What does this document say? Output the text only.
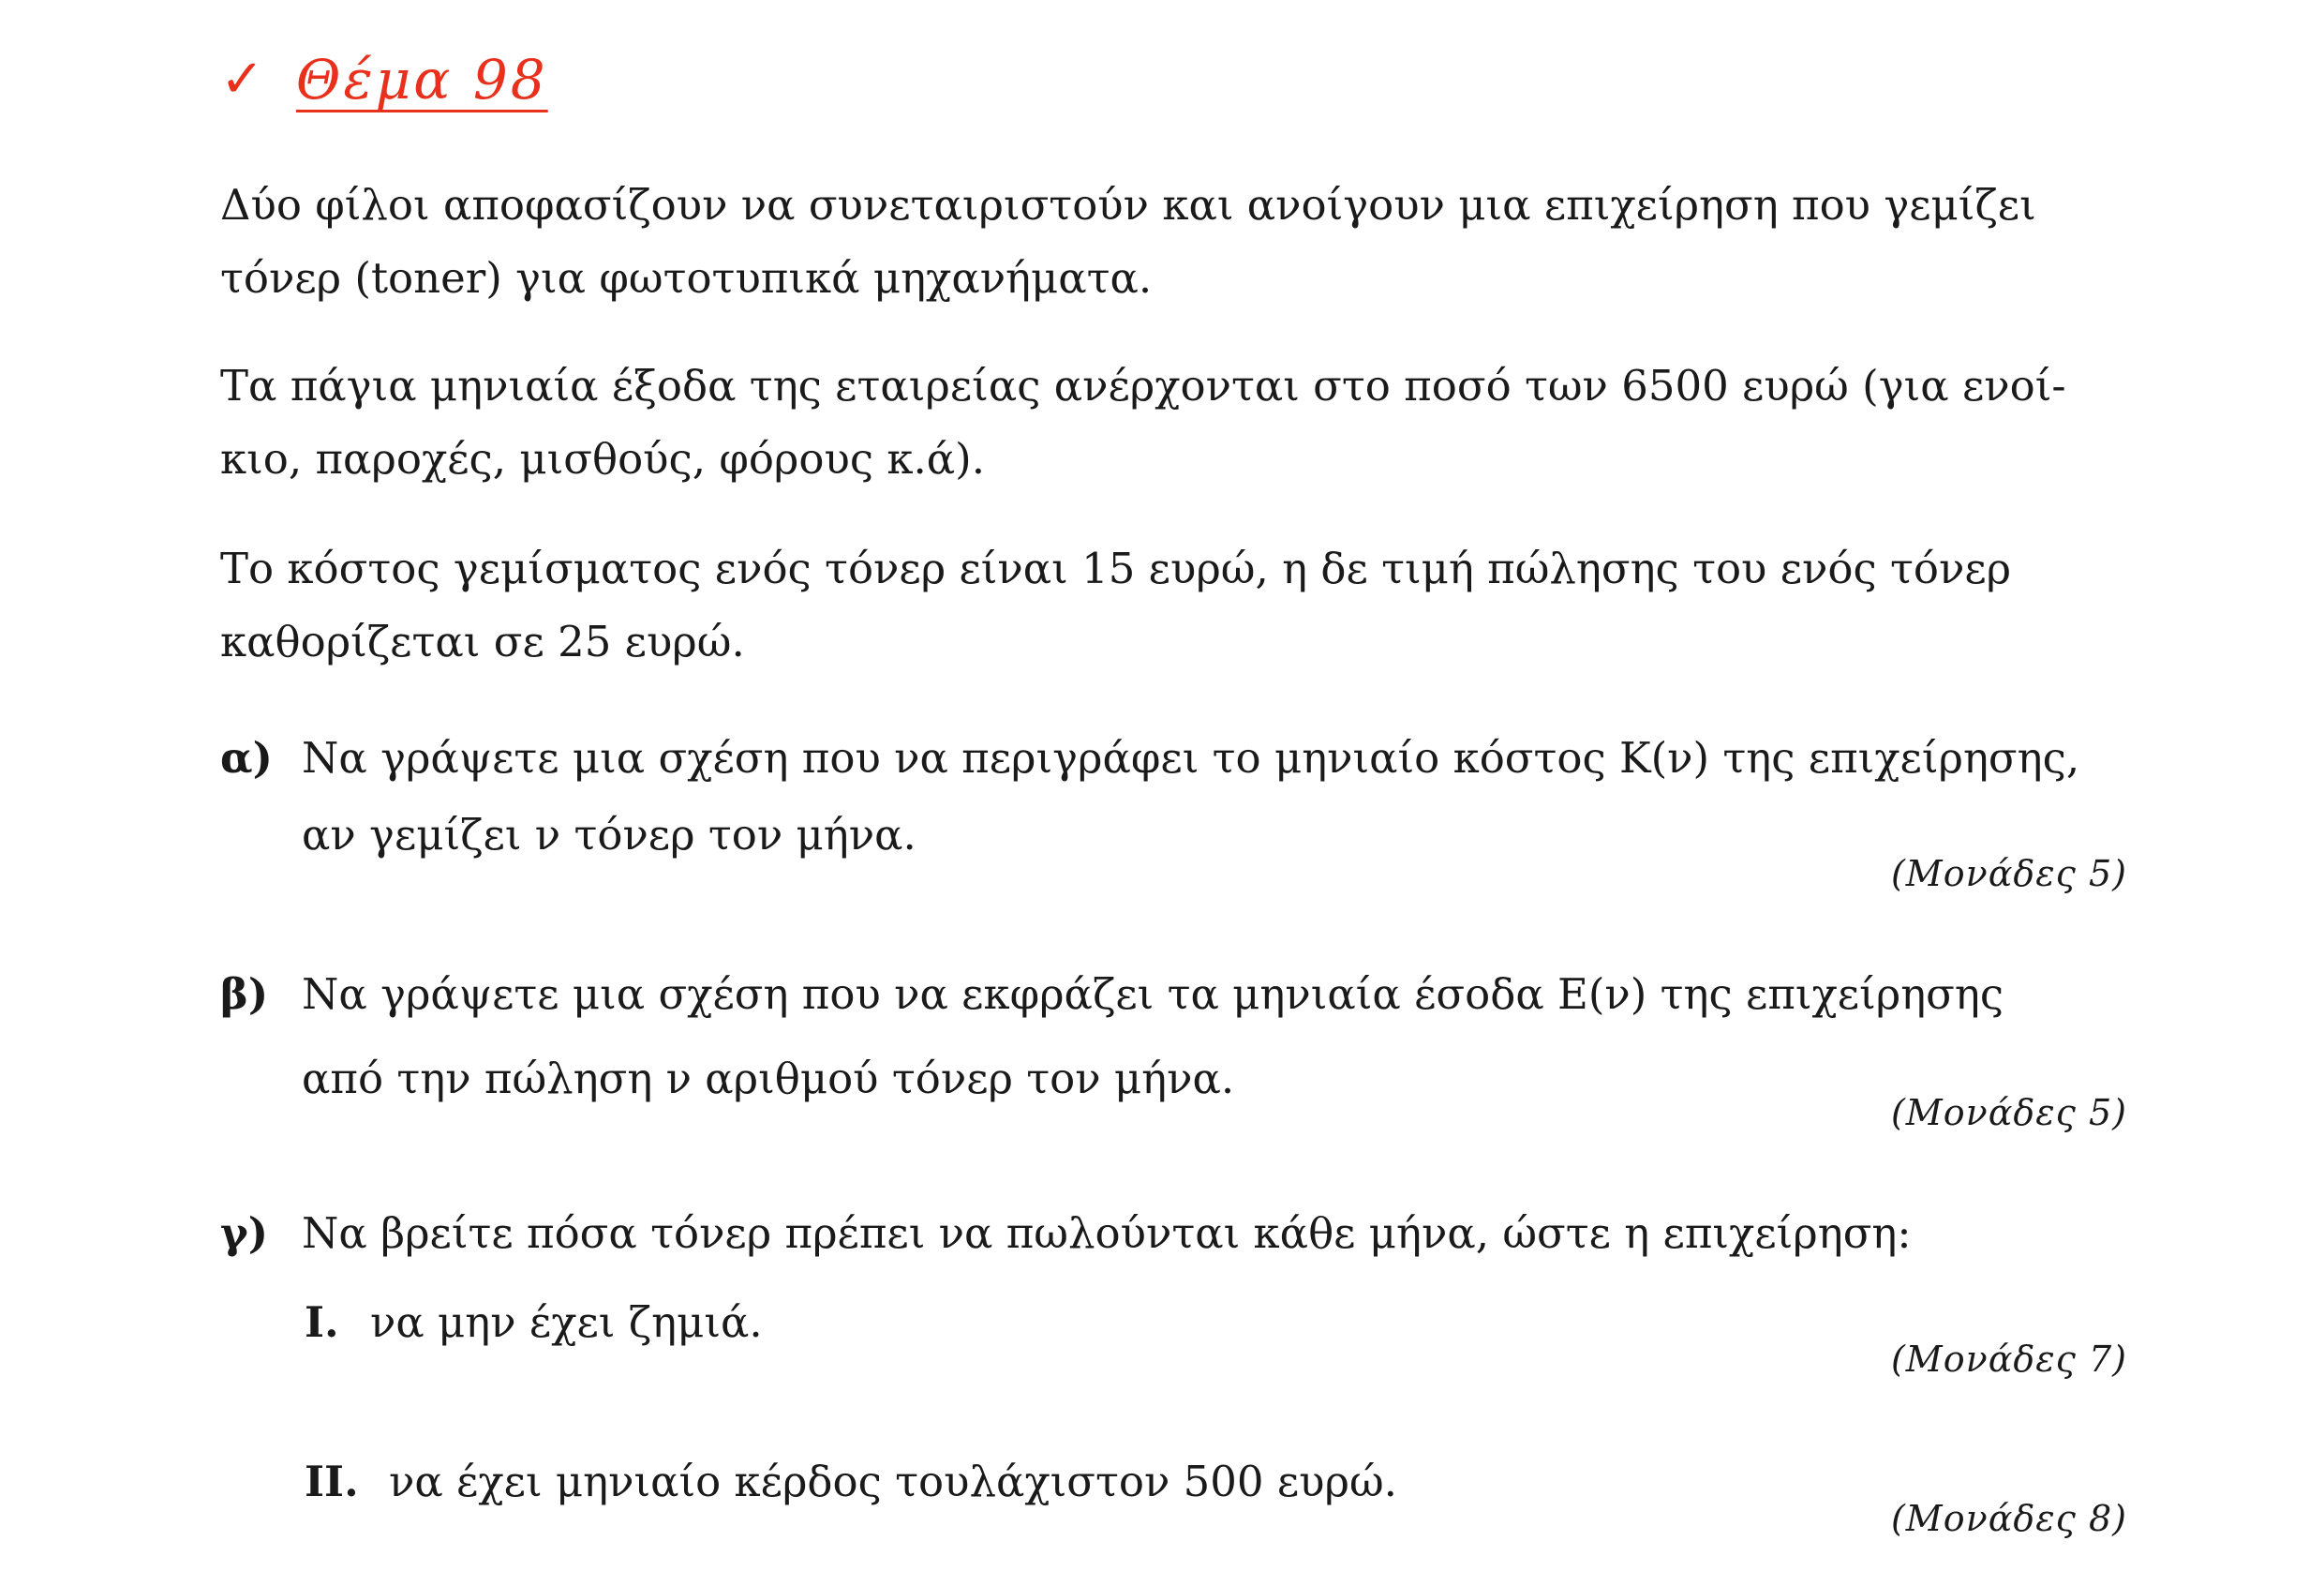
✓ Θέμα 98

Δύο φίλοι αποφασίζουν να συνεταιριστούν και ανοίγουν μια επιχείρηση που γεμίζει τόνερ (toner) για φωτοτυπικά μηχανήματα.

Τα πάγια μηνιαία έξοδα της εταιρείας ανέρχονται στο ποσό των 6500 ευρώ (για ενοί-κιο, παροχές, μισθούς, φόρους κ.ά).

Το κόστος γεμίσματος ενός τόνερ είναι 15 ευρώ, η δε τιμή πώλησης του ενός τόνερ καθορίζεται σε 25 ευρώ.

α) Να γράψετε μια σχέση που να περιγράφει το μηνιαίο κόστος Κ(ν) της επιχείρησης,
αν γεμίζει ν τόνερ τον μήνα.
(Μονάδες 5)
β) Να γράψετε μια σχέση που να εκφράζει τα μηνιαία έσοδα Ε(ν) της επιχείρησης
από την πώληση ν αριθμού τόνερ τον μήνα.
(Μονάδες 5)
γ) Να βρείτε πόσα τόνερ πρέπει να πωλούνται κάθε μήνα, ώστε η επιχείρηση:
Ι. να μην έχει ζημιά.
(Μονάδες 7)
ΙΙ. να έχει μηνιαίο κέρδος τουλάχιστον 500 ευρώ.
(Μονάδες 8)
